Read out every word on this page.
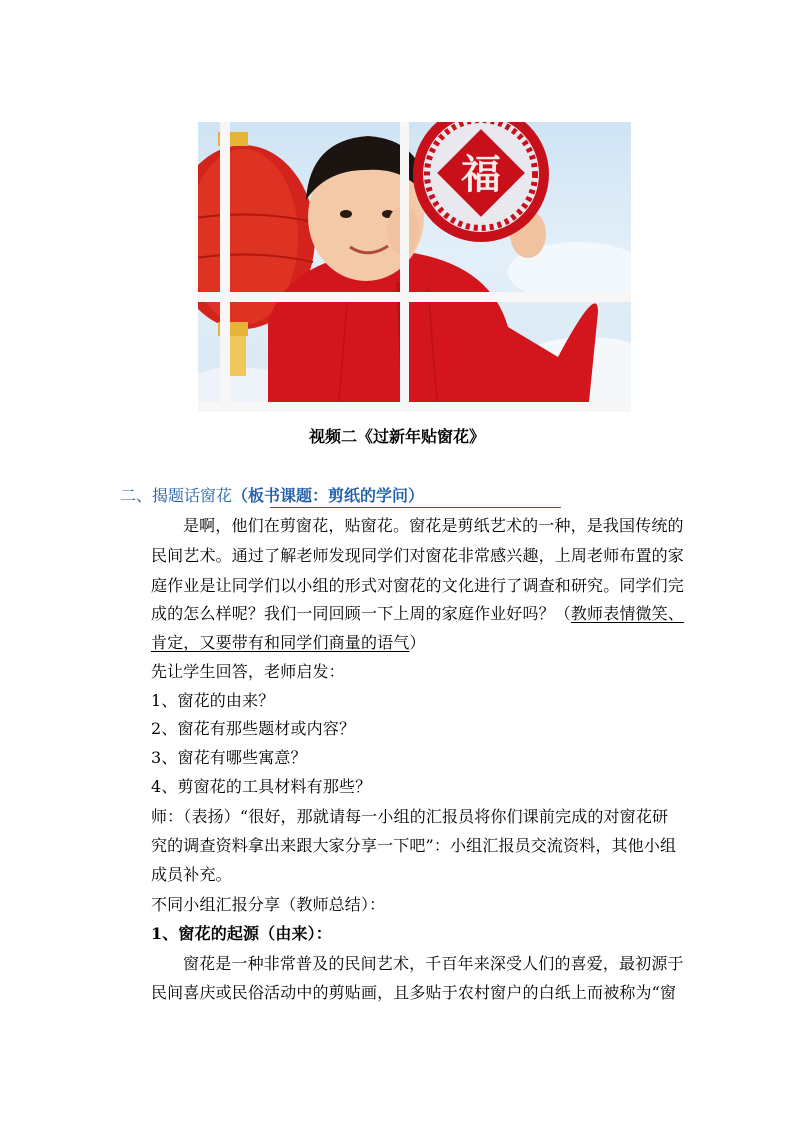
福
视频二《过新年贴窗花》
二、揭题话窗花（板书课题：剪纸的学问）
是啊，他们在剪窗花，贴窗花。窗花是剪纸艺术的一种，是我国传统的
民间艺术。通过了解老师发现同学们对窗花非常感兴趣，上周老师布置的家
庭作业是让同学们以小组的形式对窗花的文化进行了调查和研究。同学们完
成的怎么样呢？我们一同回顾一下上周的家庭作业好吗？（教师表情微笑、
肯定，又要带有和同学们商量的语气）
先让学生回答，老师启发：
1、窗花的由来？
2、窗花有那些题材或内容？
3、窗花有哪些寓意？
4、剪窗花的工具材料有那些？
师：（表扬）“很好，那就请每一小组的汇报员将你们课前完成的对窗花研
究的调查资料拿出来跟大家分享一下吧”：小组汇报员交流资料，其他小组
成员补充。
不同小组汇报分享（教师总结）：
1、窗花的起源（由来）：
窗花是一种非常普及的民间艺术，千百年来深受人们的喜爱，最初源于
民间喜庆或民俗活动中的剪贴画，且多贴于农村窗户的白纸上而被称为“窗
